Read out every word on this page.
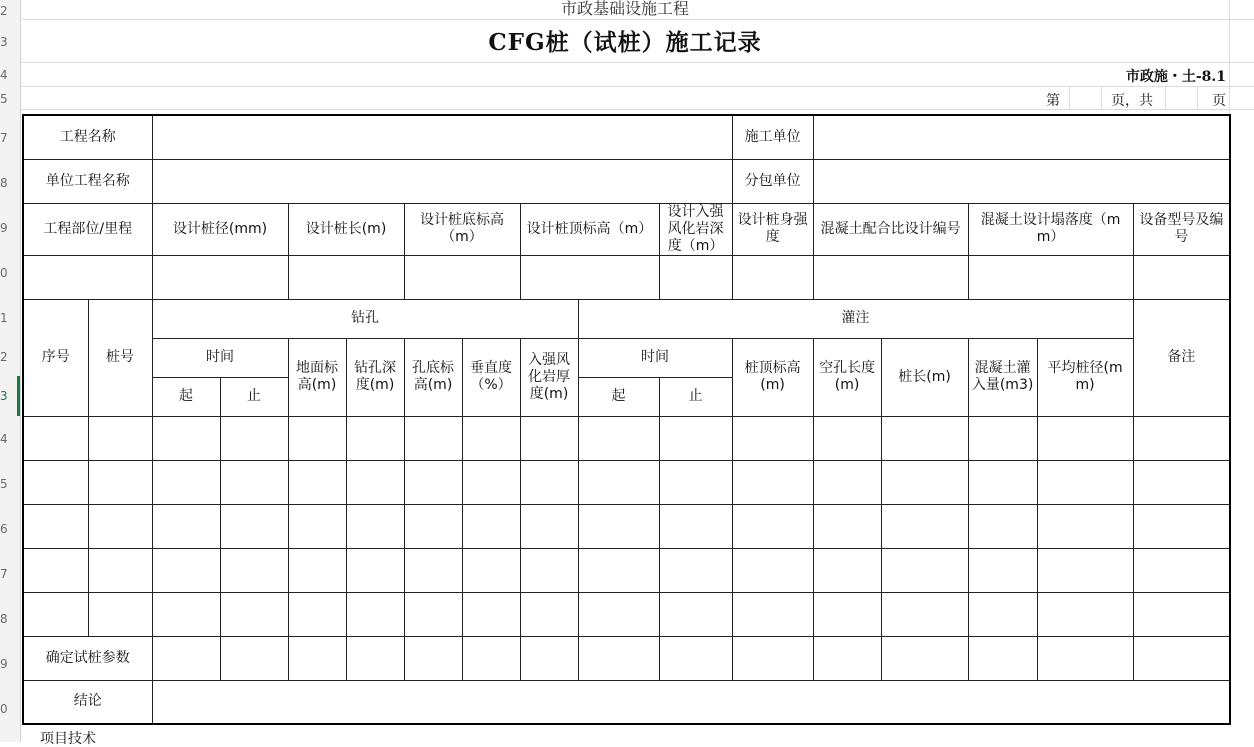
2
3
4
5
7
8
9
0
1
2
3
4
5
6
7
8
9
0
市政基础设施工程
CFG桩（试桩）施工记录
市政施・土-8.1
第	页，共	页
工程名称											施工单位					
单位工程名称											分包单位					
工程部位/里程		设计桩径(mm)		设计桩长(m)		设计桩底标高（m）		设计桩顶标高（m）		设计入强风化岩深度（m）	设计桩身强度	混凝土配合比设计编号		混凝土设计塌落度（mm）		设备型号及编号

序号	桩号	钻孔							灌注							备注
		时间		地面标高(m)	钻孔深度(m)	孔底标高(m)	垂直度（%）	入强风化岩厚度(m)	时间		桩顶标高(m)	空孔长度(m)	桩长(m)	混凝土灌入量(m3)	平均桩径(mm)	
		起	止						起	止						

确定试桩参数																
结论																
项目技术
